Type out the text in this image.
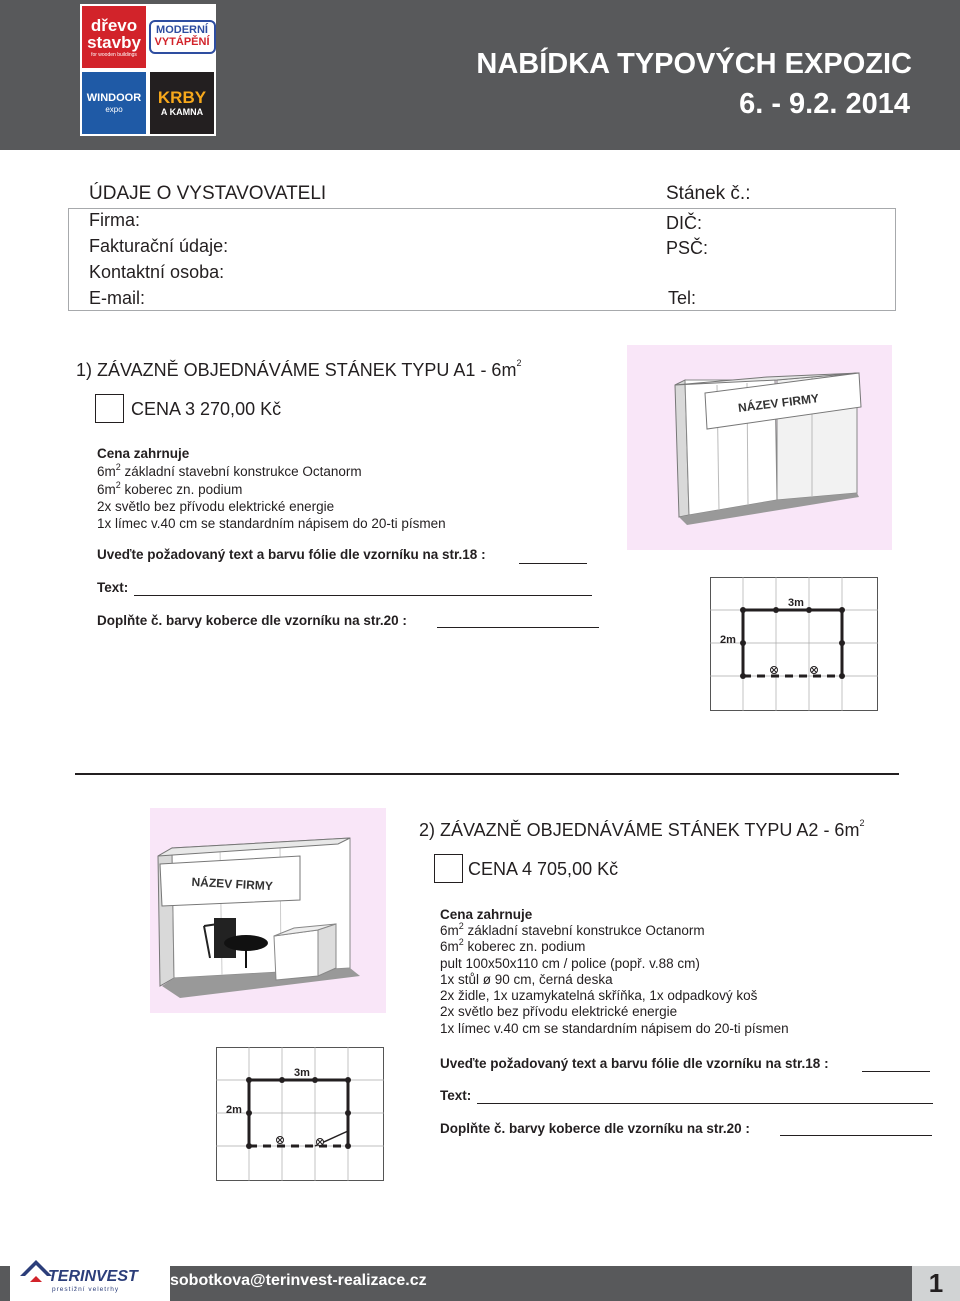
dřevo
stavby
for wooden buildings
MODERNÍ
VYTÁPĚNÍ
WINDOOR
expo
KRBY
A KAMNA
NABÍDKA TYPOVÝCH EXPOZIC
6. - 9.2. 2014
ÚDAJE O VYSTAVOVATELI	Stánek č.:
Firma:
Fakturační údaje:
Kontaktní osoba:
E-mail:
DIČ:
PSČ:
Tel:
1) ZÁVAZNĚ OBJEDNÁVÁME STÁNEK TYPU $A1 - 6m^2$
CENA 3 270,00 Kč
Cena zahrnuje
$6m^2$ základní stavební konstrukce Octanorm
$6m^2$ koberec zn. podium
2x světlo bez přívodu elektrické energie
1x límec v.40 cm se standardním nápisem do 20-ti písmen
Uveďte požadovaný text a barvu fólie dle vzorníku na str.18 :
Text:
Doplňte č. barvy koberce dle vzorníku na str.20 :
NÁZEV FIRMY
3m
2m
NÁZEV FIRMY
2) ZÁVAZNĚ OBJEDNÁVÁME STÁNEK TYPU $A2 - 6m^2$
CENA 4 705,00 Kč
Cena zahrnuje
$6m^2$ základní stavební konstrukce Octanorm
$6m^2$ koberec zn. podium
pult 100x50x110 cm / police (popř. v.88 cm)
1x stůl ø 90 cm, černá deska
2x židle, 1x uzamykatelná skříňka, 1x odpadkový koš
2x světlo bez přívodu elektrické energie
1x límec v.40 cm se standardním nápisem do 20-ti písmen
Uveďte požadovaný text a barvu fólie dle vzorníku na str.18 :
Text:
Doplňte č. barvy koberce dle vzorníku na str.20 :
3m
2m
TERINVEST
prestižní veletrhy
sobotkova@terinvest-realizace.cz	1
